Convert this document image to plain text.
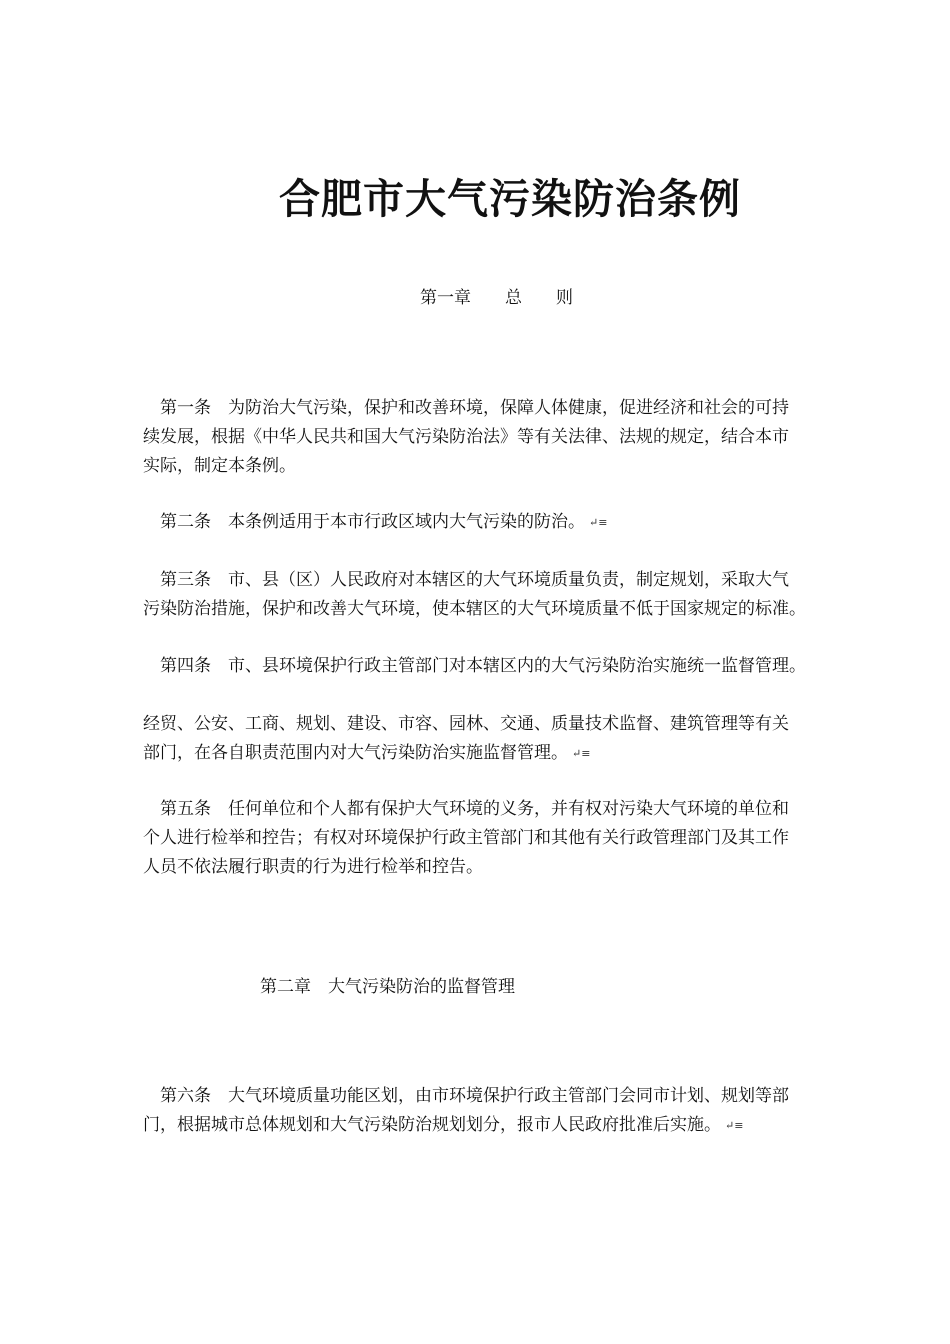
合肥市大气污染防治条例
第一章　　总　　则
　第一条　为防治大气污染，保护和改善环境，保障人体健康，促进经济和社会的可持
续发展，根据《中华人民共和国大气污染防治法》等有关法律、法规的规定，结合本市
实际，制定本条例。
　第二条　本条例适用于本市行政区域内大气污染的防治。 ↵≡
　第三条　市、县（区）人民政府对本辖区的大气环境质量负责，制定规划，采取大气
污染防治措施，保护和改善大气环境，使本辖区的大气环境质量不低于国家规定的标准。
　第四条　市、县环境保护行政主管部门对本辖区内的大气污染防治实施统一监督管理。
经贸、公安、工商、规划、建设、市容、园林、交通、质量技术监督、建筑管理等有关
部门，在各自职责范围内对大气污染防治实施监督管理。 ↵≡
　第五条　任何单位和个人都有保护大气环境的义务，并有权对污染大气环境的单位和
个人进行检举和控告；有权对环境保护行政主管部门和其他有关行政管理部门及其工作
人员不依法履行职责的行为进行检举和控告。
第二章　大气污染防治的监督管理
　第六条　大气环境质量功能区划，由市环境保护行政主管部门会同市计划、规划等部
门，根据城市总体规划和大气污染防治规划划分，报市人民政府批准后实施。 ↵≡
